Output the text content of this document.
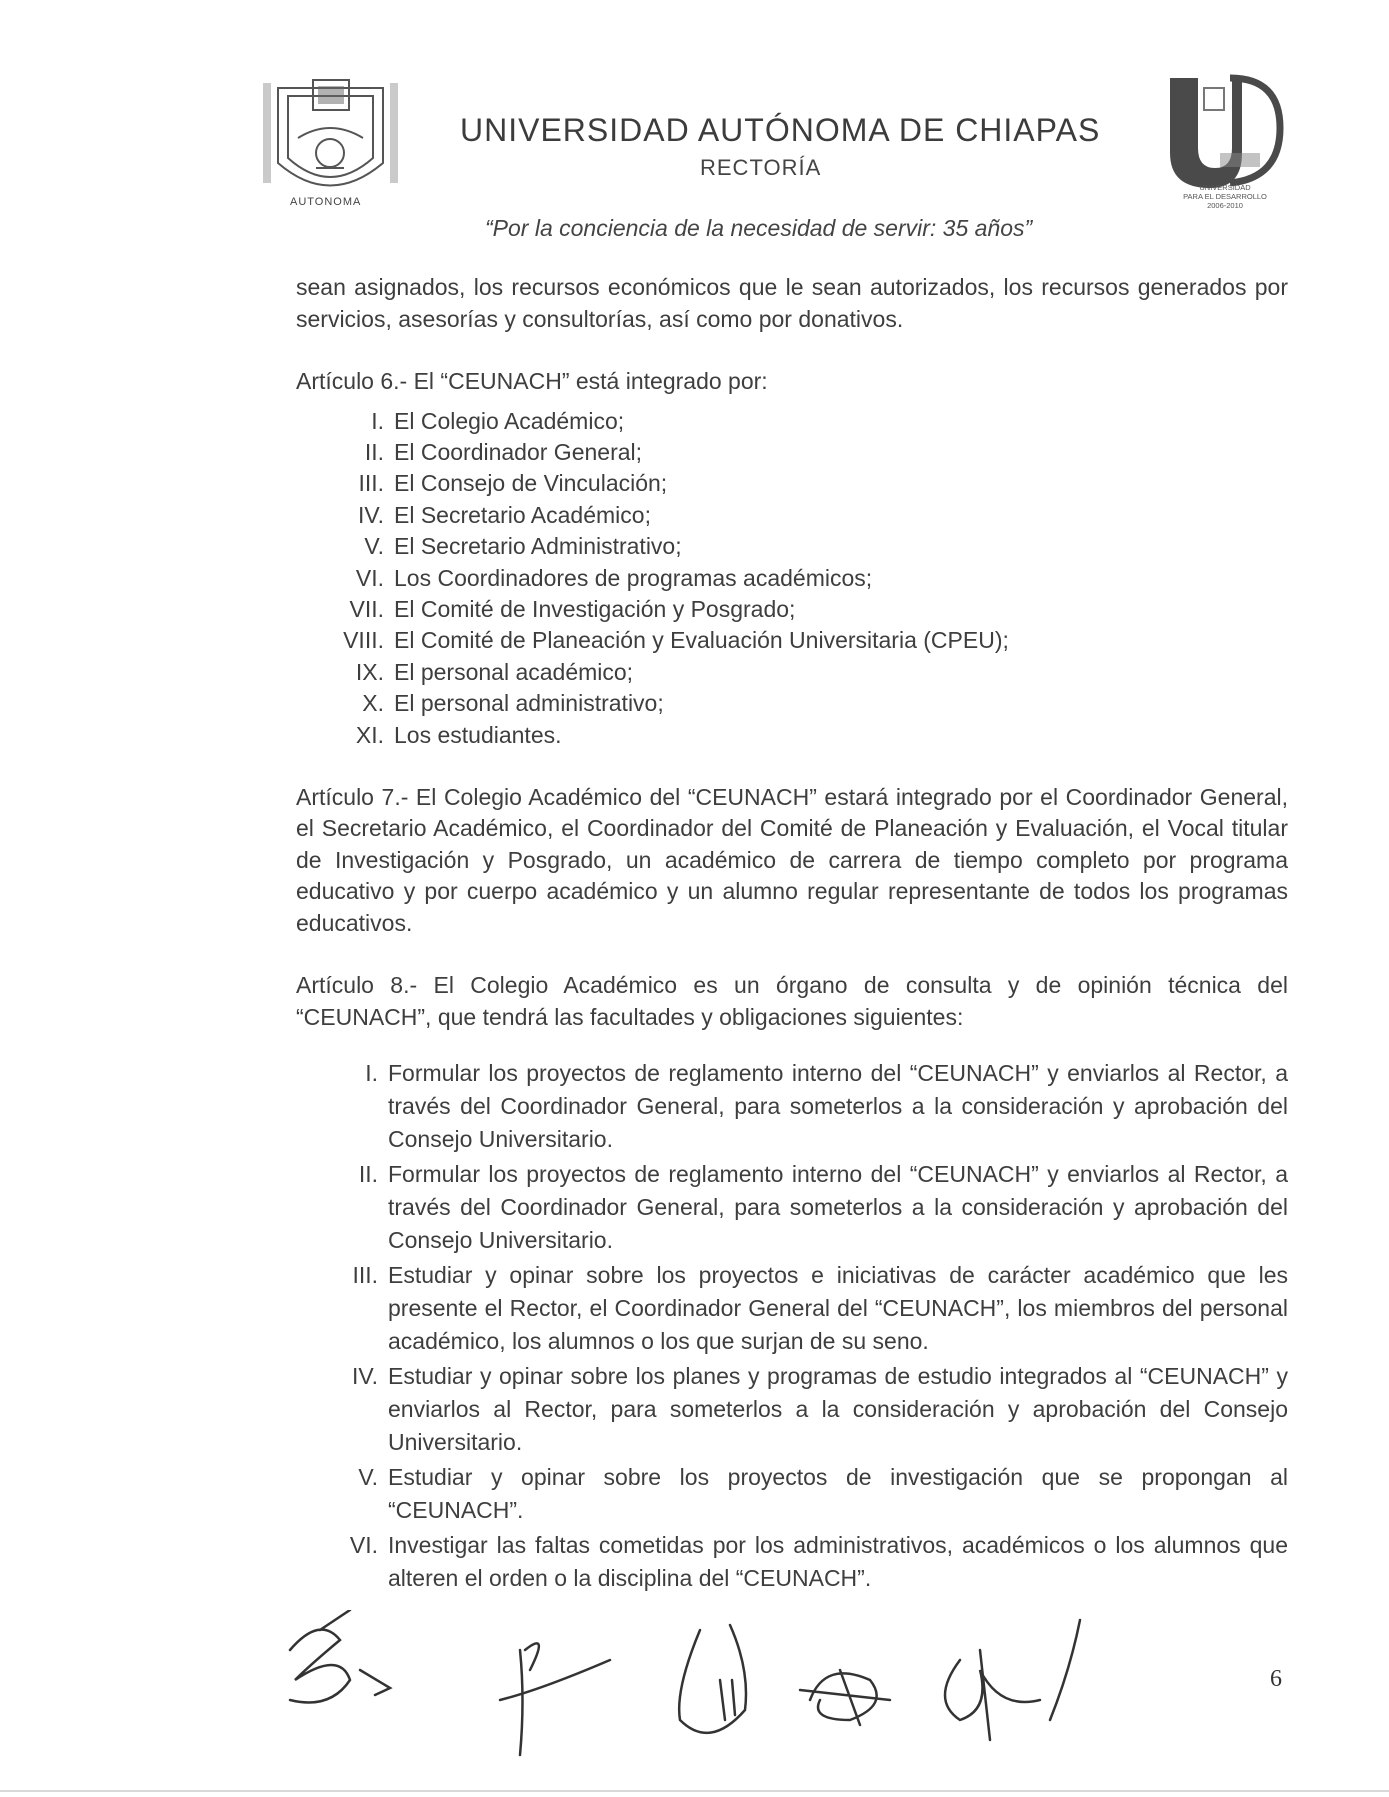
AUTONOMA
UNIVERSIDAD AUTÓNOMA DE CHIAPAS
RECTORÍA
UNIVERSIDAD
PARA EL DESARROLLO
2006-2010
“Por la conciencia de la necesidad de servir: 35 años”

sean asignados, los recursos económicos que le sean autorizados, los recursos generados por servicios, asesorías y consultorías, así como por donativos.

Artículo 6.- El “CEUNACH” está integrado por:

I. El Colegio Académico;
II. El Coordinador General;
III. El Consejo de Vinculación;
IV. El Secretario Académico;
V. El Secretario Administrativo;
VI. Los Coordinadores de programas académicos;
VII. El Comité de Investigación y Posgrado;
VIII. El Comité de Planeación y Evaluación Universitaria (CPEU);
IX. El personal académico;
X. El personal administrativo;
XI. Los estudiantes.

Artículo 7.- El Colegio Académico del “CEUNACH” estará integrado por el Coordinador General, el Secretario Académico, el Coordinador del Comité de Planeación y Evaluación, el Vocal titular de Investigación y Posgrado, un académico de carrera de tiempo completo por programa educativo y por cuerpo académico y un alumno regular representante de todos los programas educativos.

Artículo 8.- El Colegio Académico es un órgano de consulta y de opinión técnica del “CEUNACH”, que tendrá las facultades y obligaciones siguientes:

I. Formular los proyectos de reglamento interno del “CEUNACH” y enviarlos al Rector, a través del Coordinador General, para someterlos a la consideración y aprobación del Consejo Universitario.
II. Formular los proyectos de reglamento interno del “CEUNACH” y enviarlos al Rector, a través del Coordinador General, para someterlos a la consideración y aprobación del Consejo Universitario.
III. Estudiar y opinar sobre los proyectos e iniciativas de carácter académico que les presente el Rector, el Coordinador General del “CEUNACH”, los miembros del personal académico, los alumnos o los que surjan de su seno.
IV. Estudiar y opinar sobre los planes y programas de estudio integrados al “CEUNACH” y enviarlos al Rector, para someterlos a la consideración y aprobación del Consejo Universitario.
V. Estudiar y opinar sobre los proyectos de investigación que se propongan al “CEUNACH”.
VI. Investigar las faltas cometidas por los administrativos, académicos o los alumnos que alteren el orden o la disciplina del “CEUNACH”.
6
